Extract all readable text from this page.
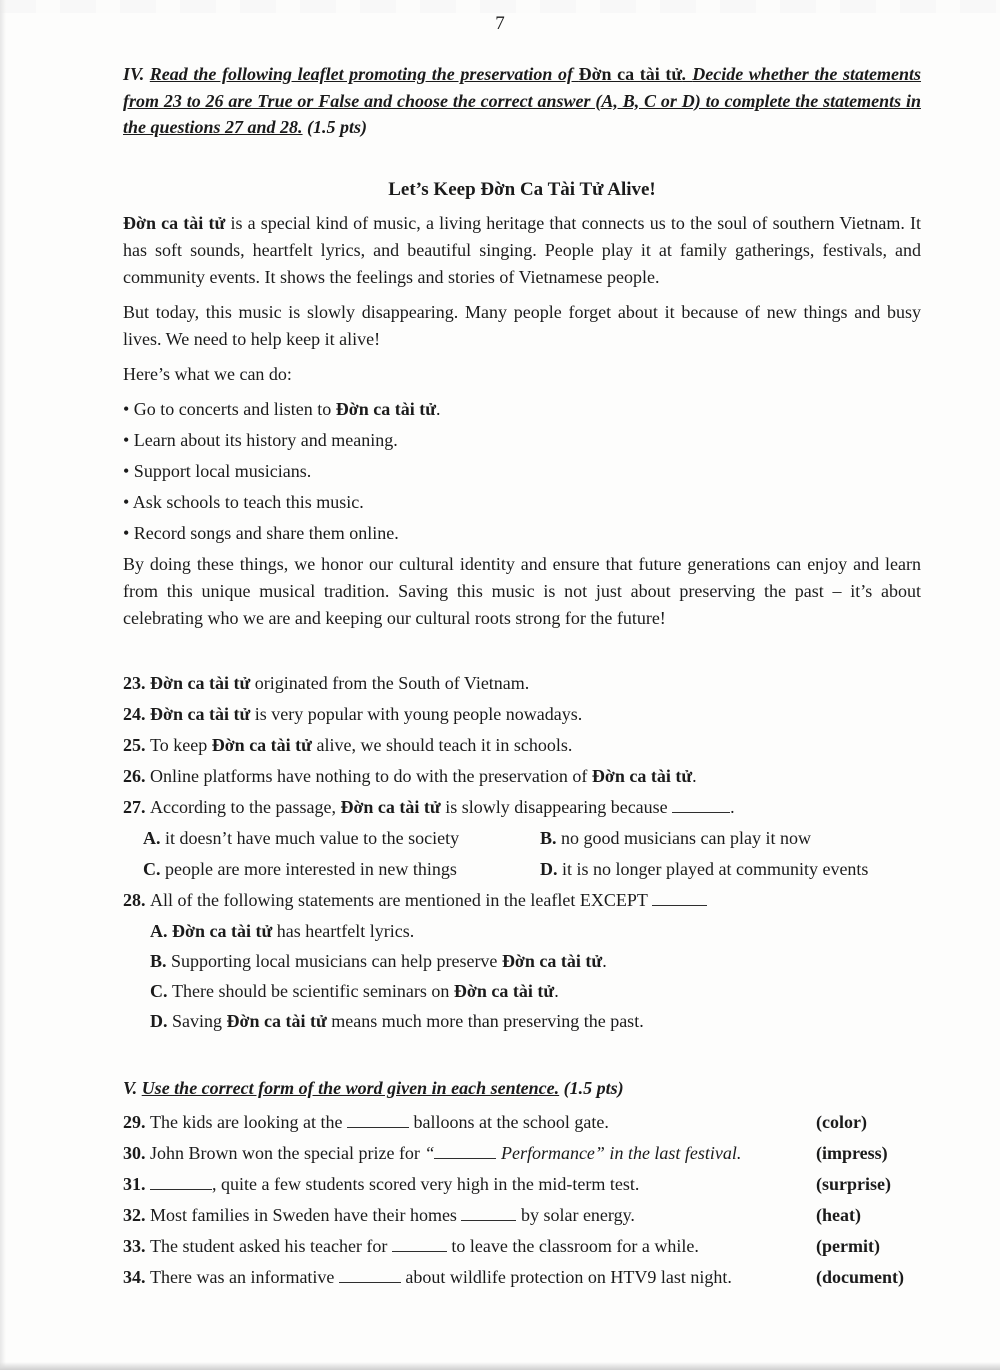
7

IV. Read the following leaflet promoting the preservation of Đờn ca tài tử. Decide whether the statements from 23 to 26 are True or False and choose the correct answer (A, B, C or D) to complete the statements in the questions 27 and 28. (1.5 pts)

Let’s Keep Đờn Ca Tài Tử Alive!

Đờn ca tài tử is a special kind of music, a living heritage that connects us to the soul of southern Vietnam. It has soft sounds, heartfelt lyrics, and beautiful singing. People play it at family gatherings, festivals, and community events. It shows the feelings and stories of Vietnamese people.

But today, this music is slowly disappearing. Many people forget about it because of new things and busy lives. We need to help keep it alive!

Here’s what we can do:

• Go to concerts and listen to Đờn ca tài tử.

• Learn about its history and meaning.

• Support local musicians.

• Ask schools to teach this music.

• Record songs and share them online.

By doing these things, we honor our cultural identity and ensure that future generations can enjoy and learn from this unique musical tradition. Saving this music is not just about preserving the past – it’s about celebrating who we are and keeping our cultural roots strong for the future!

23. Đờn ca tài tử originated from the South of Vietnam.

24. Đờn ca tài tử is very popular with young people nowadays.

25. To keep Đờn ca tài tử alive, we should teach it in schools.

26. Online platforms have nothing to do with the preservation of Đờn ca tài tử.

27. According to the passage, Đờn ca tài tử is slowly disappearing because	.

A. it doesn’t have much value to the society	B. no good musicians can play it now

C. people are more interested in new things	D. it is no longer played at community events

28. All of the following statements are mentioned in the leaflet EXCEPT

A. Đờn ca tài tử has heartfelt lyrics.

B. Supporting local musicians can help preserve Đờn ca tài tử.

C. There should be scientific seminars on Đờn ca tài tử.

D. Saving Đờn ca tài tử means much more than preserving the past.

V. Use the correct form of the word given in each sentence. (1.5 pts)

29. The kids are looking at the	balloons at the school gate.	(color)

30. John Brown won the special prize for “	Performance” in the last festival.	(impress)

31.	, quite a few students scored very high in the mid-term test.	(surprise)

32. Most families in Sweden have their homes	by solar energy.	(heat)

33. The student asked his teacher for	to leave the classroom for a while.	(permit)

34. There was an informative	about wildlife protection on HTV9 last night.	(document)
